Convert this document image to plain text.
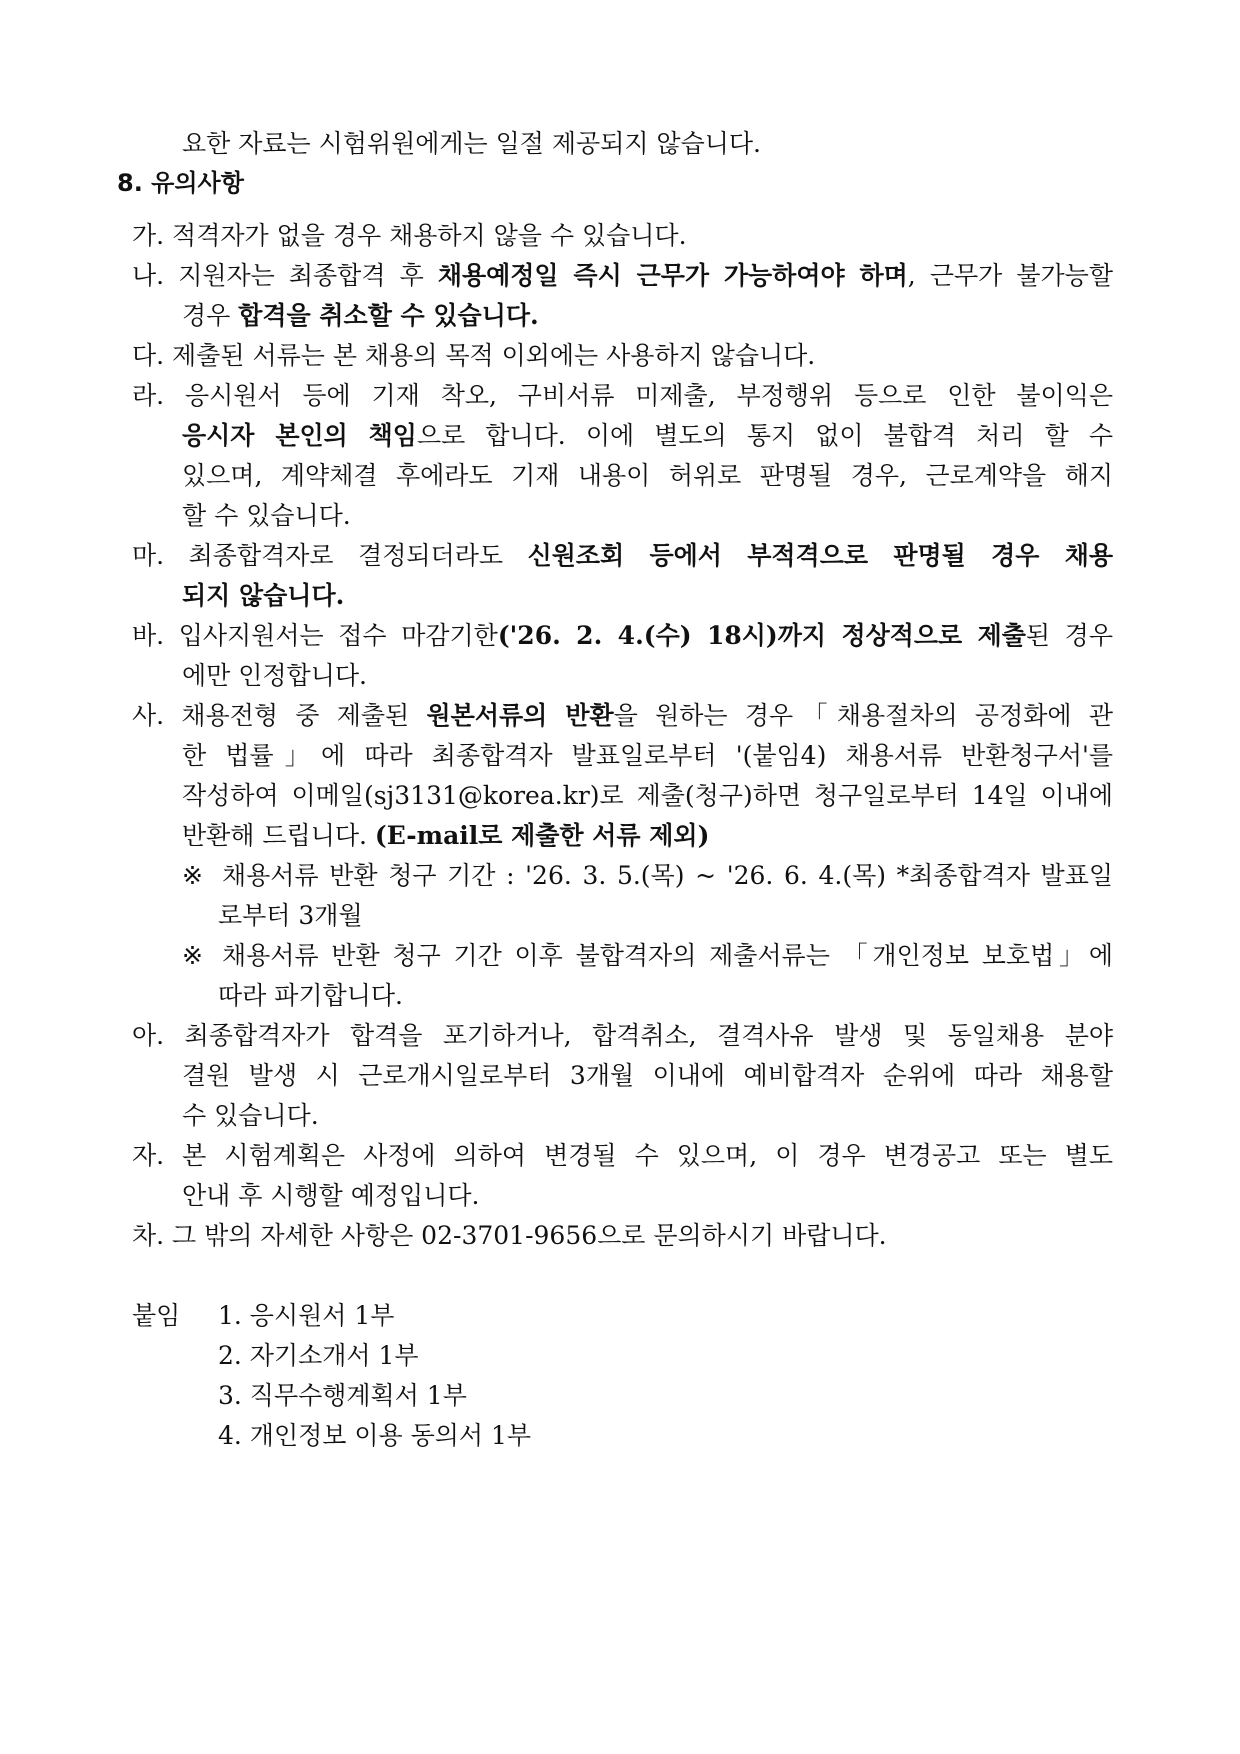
요한 자료는 시험위원에게는 일절 제공되지 않습니다.
8. 유의사항
가. 적격자가 없을 경우 채용하지 않을 수 있습니다.
나. 지원자는 최종합격 후 채용예정일 즉시 근무가 가능하여야 하며, 근무가 불가능할
경우 합격을 취소할 수 있습니다.
다. 제출된 서류는 본 채용의 목적 이외에는 사용하지 않습니다.
라. 응시원서 등에 기재 착오, 구비서류 미제출, 부정행위 등으로 인한 불이익은
응시자 본인의 책임으로 합니다. 이에 별도의 통지 없이 불합격 처리 할 수
있으며, 계약체결 후에라도 기재 내용이 허위로 판명될 경우, 근로계약을 해지
할 수 있습니다.
마. 최종합격자로 결정되더라도 신원조회 등에서 부적격으로 판명될 경우 채용
되지 않습니다.
바. 입사지원서는 접수 마감기한('26. 2. 4.(수) 18시)까지 정상적으로 제출된 경우
에만 인정합니다.
사. 채용전형 중 제출된 원본서류의 반환을 원하는 경우「채용절차의 공정화에 관
한 법률」에 따라 최종합격자 발표일로부터 '(붙임4) 채용서류 반환청구서'를
작성하여 이메일(sj3131@korea.kr)로 제출(청구)하면 청구일로부터 14일 이내에
반환해 드립니다. (E-mail로 제출한 서류 제외)
※ 채용서류 반환 청구 기간 : '26. 3. 5.(목) ~ '26. 6. 4.(목) *최종합격자 발표일
로부터 3개월
※ 채용서류 반환 청구 기간 이후 불합격자의 제출서류는 「개인정보 보호법」에
따라 파기합니다.
아. 최종합격자가 합격을 포기하거나, 합격취소, 결격사유 발생 및 동일채용 분야
결원 발생 시 근로개시일로부터 3개월 이내에 예비합격자 순위에 따라 채용할
수 있습니다.
자. 본 시험계획은 사정에 의하여 변경될 수 있으며, 이 경우 변경공고 또는 별도
안내 후 시행할 예정입니다.
차. 그 밖의 자세한 사항은 02-3701-9656으로 문의하시기 바랍니다.
붙임 1. 응시원서 1부
2. 자기소개서 1부
3. 직무수행계획서 1부
4. 개인정보 이용 동의서 1부
